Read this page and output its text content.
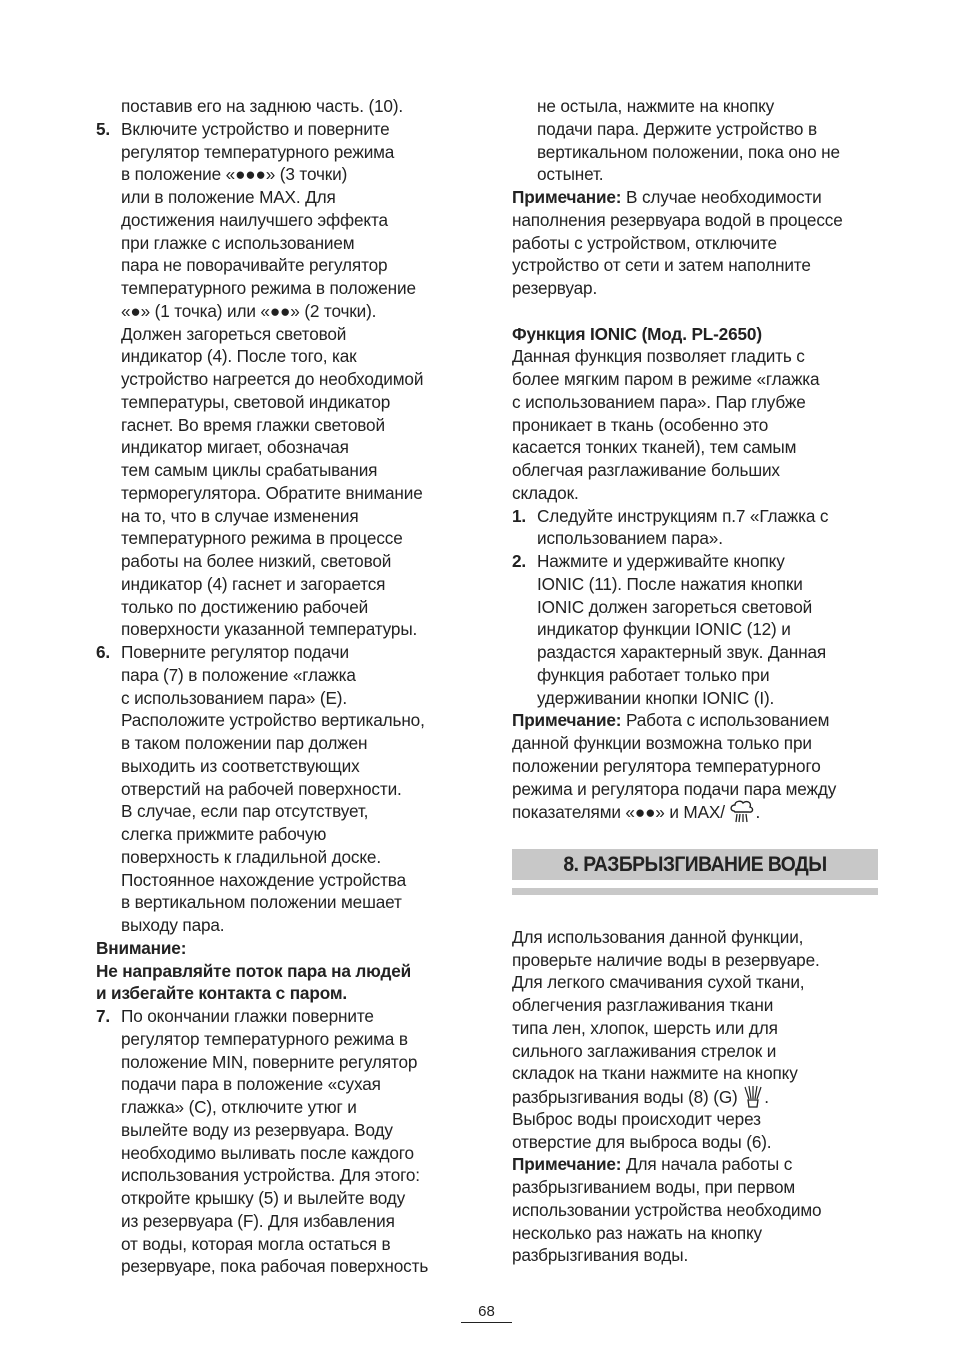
поставив его на заднюю часть. (10).
5. Включите устройство и поверните
регулятор температурного режима
в положение «●●●» (3 точки)
или в положение MAX. Для
достижения наилучшего эффекта
при глажке с использованием
пара не поворачивайте регулятор
температурного режима в положение
«●» (1 точка) или «●●» (2 точки).
Должен загореться световой
индикатор (4). После того, как
устройство нагреется до необходимой
температуры, световой индикатор
гаснет. Во время глажки световой
индикатор мигает, обозначая
тем самым циклы срабатывания
терморегулятора. Обратите внимание
на то, что в случае изменения
температурного режима в процессе
работы на более низкий, световой
индикатор (4) гаснет и загорается
только по достижению рабочей
поверхности указанной температуры.
6. Поверните регулятор подачи
пара (7) в положение «глажка
с использованием пара» (E).
Расположите устройство вертикально,
в таком положении пар должен
выходить из соответствующих
отверстий на рабочей поверхности.
В случае, если пар отсутствует,
слегка прижмите рабочую
поверхность к гладильной доске.
Постоянное нахождение устройства
в вертикальном положении мешает
выходу пара.
Внимание:
Не направляйте поток пара на людей
и избегайте контакта с паром.
7. По окончании глажки поверните
регулятор температурного режима в
положение MIN, поверните регулятор
подачи пара в положение «сухая
глажка» (C), отключите утюг и
вылейте воду из резервуара. Воду
необходимо выливать после каждого
использования устройства. Для этого:
откройте крышку (5) и вылейте воду
из резервуара (F). Для избавления
от воды, которая могла остаться в
резервуаре, пока рабочая поверхность
не остыла, нажмите на кнопку
подачи пара. Держите устройство в
вертикальном положении, пока оно не
остынет.
Примечание: В случае необходимости
наполнения резервуара водой в процессе
работы с устройством, отключите
устройство от сети и затем наполните
резервуар.
Функция IONIC (Мод. PL-2650)
Данная функция позволяет гладить с
более мягким паром в режиме «глажка
с использованием пара». Пар глубже
проникает в ткань (особенно это
касается тонких тканей), тем самым
облегчая разглаживание больших
складок.
1. Следуйте инструкциям п.7 «Глажка с
использованием пара».
2. Нажмите и удерживайте кнопку
IONIC (11). После нажатия кнопки
IONIC должен загореться световой
индикатор функции IONIC (12) и
раздастся характерный звук. Данная
функция работает только при
удерживании кнопки IONIC (I).
Примечание: Работа с использованием
данной функции возможна только при
положении регулятора температурного
режима и регулятора подачи пара между
показателями «●●» и MAX/ .
8. РАЗБРЫЗГИВАНИЕ ВОДЫ
Для использования данной функции,
проверьте наличие воды в резервуаре.
Для легкого смачивания сухой ткани,
облегчения разглаживания ткани
типа лен, хлопок, шерсть или для
сильного заглаживания стрелок и
складок на ткани нажмите на кнопку
разбрызгивания воды (8) (G) .
Выброс воды происходит через
отверстие для выброса воды (6).
Примечание: Для начала работы с
разбрызгиванием воды, при первом
использовании устройства необходимо
несколько раз нажать на кнопку
разбрызгивания воды.
68
